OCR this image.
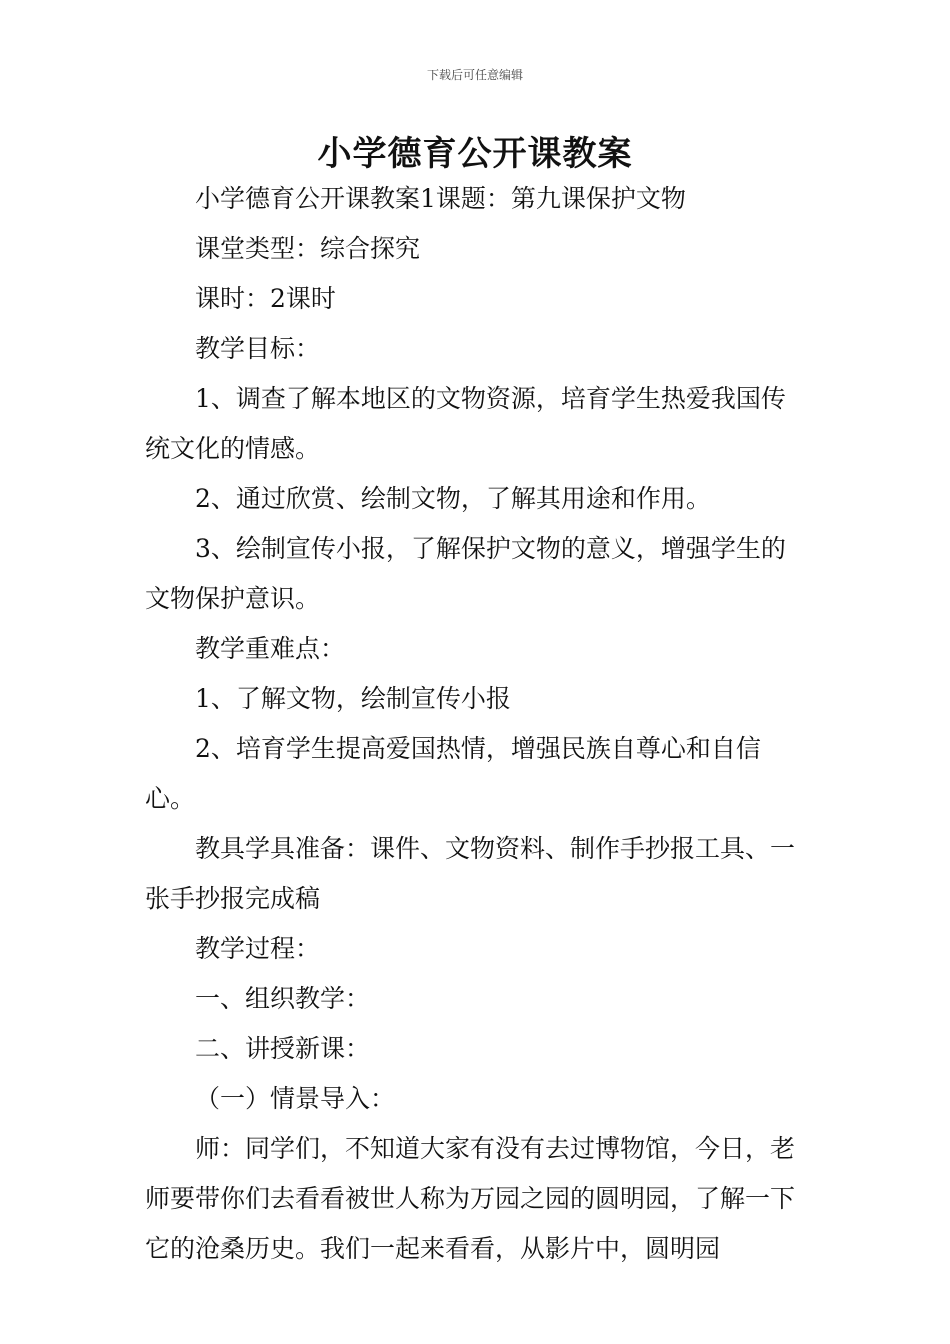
下载后可任意编辑
小学德育公开课教案

小学德育公开课教案1课题：第九课保护文物

课堂类型：综合探究

课时：2课时

教学目标：

1、调查了解本地区的文物资源，培育学生热爱我国传统文化的情感。

2、通过欣赏、绘制文物，了解其用途和作用。

3、绘制宣传小报，了解保护文物的意义，增强学生的文物保护意识。

教学重难点：

1、了解文物，绘制宣传小报

2、培育学生提高爱国热情，增强民族自尊心和自信心。

教具学具准备：课件、文物资料、制作手抄报工具、一张手抄报完成稿

教学过程：

一、组织教学：

二、讲授新课：

（一）情景导入：

师：同学们，不知道大家有没有去过博物馆，今日，老师要带你们去看看被世人称为万园之园的圆明园，了解一下它的沧桑历史。我们一起来看看，从影片中，圆明园
